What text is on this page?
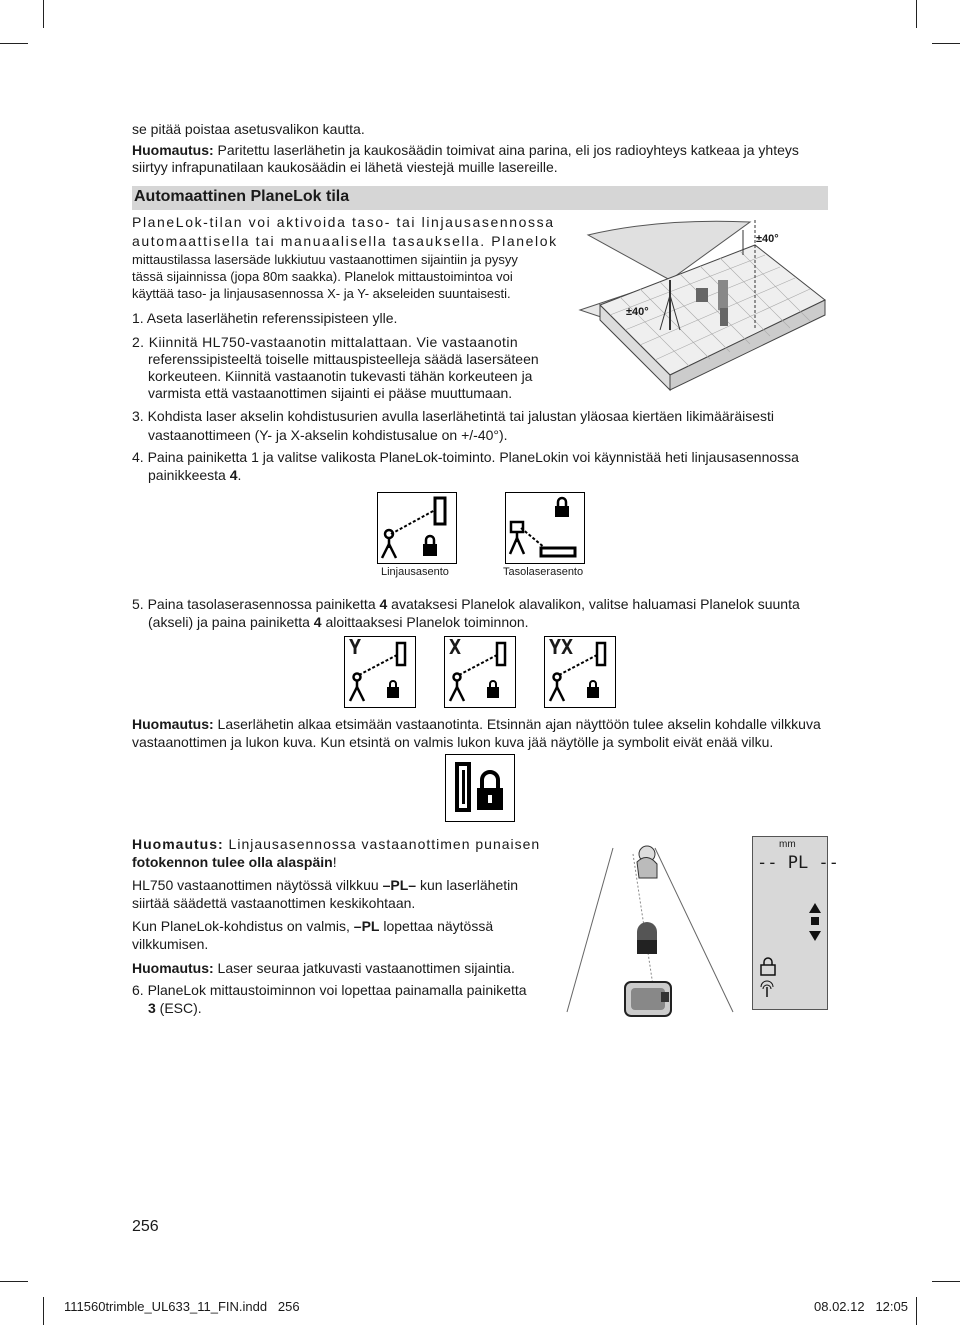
se pitää poistaa asetusvalikon kautta.

Huomautus: Paritettu laserlähetin ja kaukosäädin toimivat aina parina, eli jos radioyhteys katkeaa ja yhteys

siirtyy infrapunatilaan kaukosäädin ei lähetä viestejä muille lasereille.

Automaattinen PlaneLok tila

PlaneLok-tilan voi aktivoida taso- tai linjausasennossa

automaattisella tai manuaalisella tasauksella. Planelok

mittaustilassa lasersäde lukkiutuu vastaanottimen sijaintiin ja pysyy

tässä sijainnissa (jopa 80m saakka). Planelok mittaustoimintoa voi

käyttää taso- ja linjausasennossa X- ja Y- akseleiden suuntaisesti.

1. Aseta laserlähetin referenssipisteen ylle.

2. Kiinnitä HL750-vastaanotin mittalattaan. Vie vastaanotin

referenssipisteeltä toiselle mittauspisteelleja säädä lasersäteen

korkeuteen. Kiinnitä vastaanotin tukevasti tähän korkeuteen ja

varmista että vastaanottimen sijainti ei pääse muuttumaan.

±40°
±40°

3. Kohdista laser akselin kohdistusurien avulla laserlähetintä tai jalustan yläosaa kiertäen likimääräisesti

vastaanottimeen (Y- ja X-akselin kohdistusalue on +/-40°).

4. Paina painiketta 1 ja valitse valikosta PlaneLok-toiminto. PlaneLokin voi käynnistää heti linjausasennossa

painikkeesta 4.

Linjausasento	Tasolaserasento

5. Paina tasolaserasennossa painiketta 4 avataksesi Planelok alavalikon, valitse haluamasi Planelok suunta

(akseli) ja paina painiketta 4 aloittaaksesi Planelok toiminnon.

Y	X	YX

Huomautus: Laserlähetin alkaa etsimään vastaanotinta. Etsinnän ajan näyttöön tulee akselin kohdalle vilkkuva

vastaanottimen ja lukon kuva. Kun etsintä on valmis lukon kuva jää näytölle ja symbolit eivät enää vilku.

Huomautus: Linjausasennossa vastaanottimen punaisen

fotokennon tulee olla alaspäin!

HL750 vastaanottimen näytössä vilkkuu –PL– kun laserlähetin

siirtää säädettä vastaanottimen keskikohtaan.

Kun PlaneLok-kohdistus on valmis, –PL lopettaa näytössä

vilkkumisen.

Huomautus: Laser seuraa jatkuvasti vastaanottimen sijaintia.

6. PlaneLok mittaustoiminnon voi lopettaa painamalla painiketta

3 (ESC).

mm
-- PL --
256
111560trimble_UL633_11_FIN.indd   256	08.02.12   12:05
